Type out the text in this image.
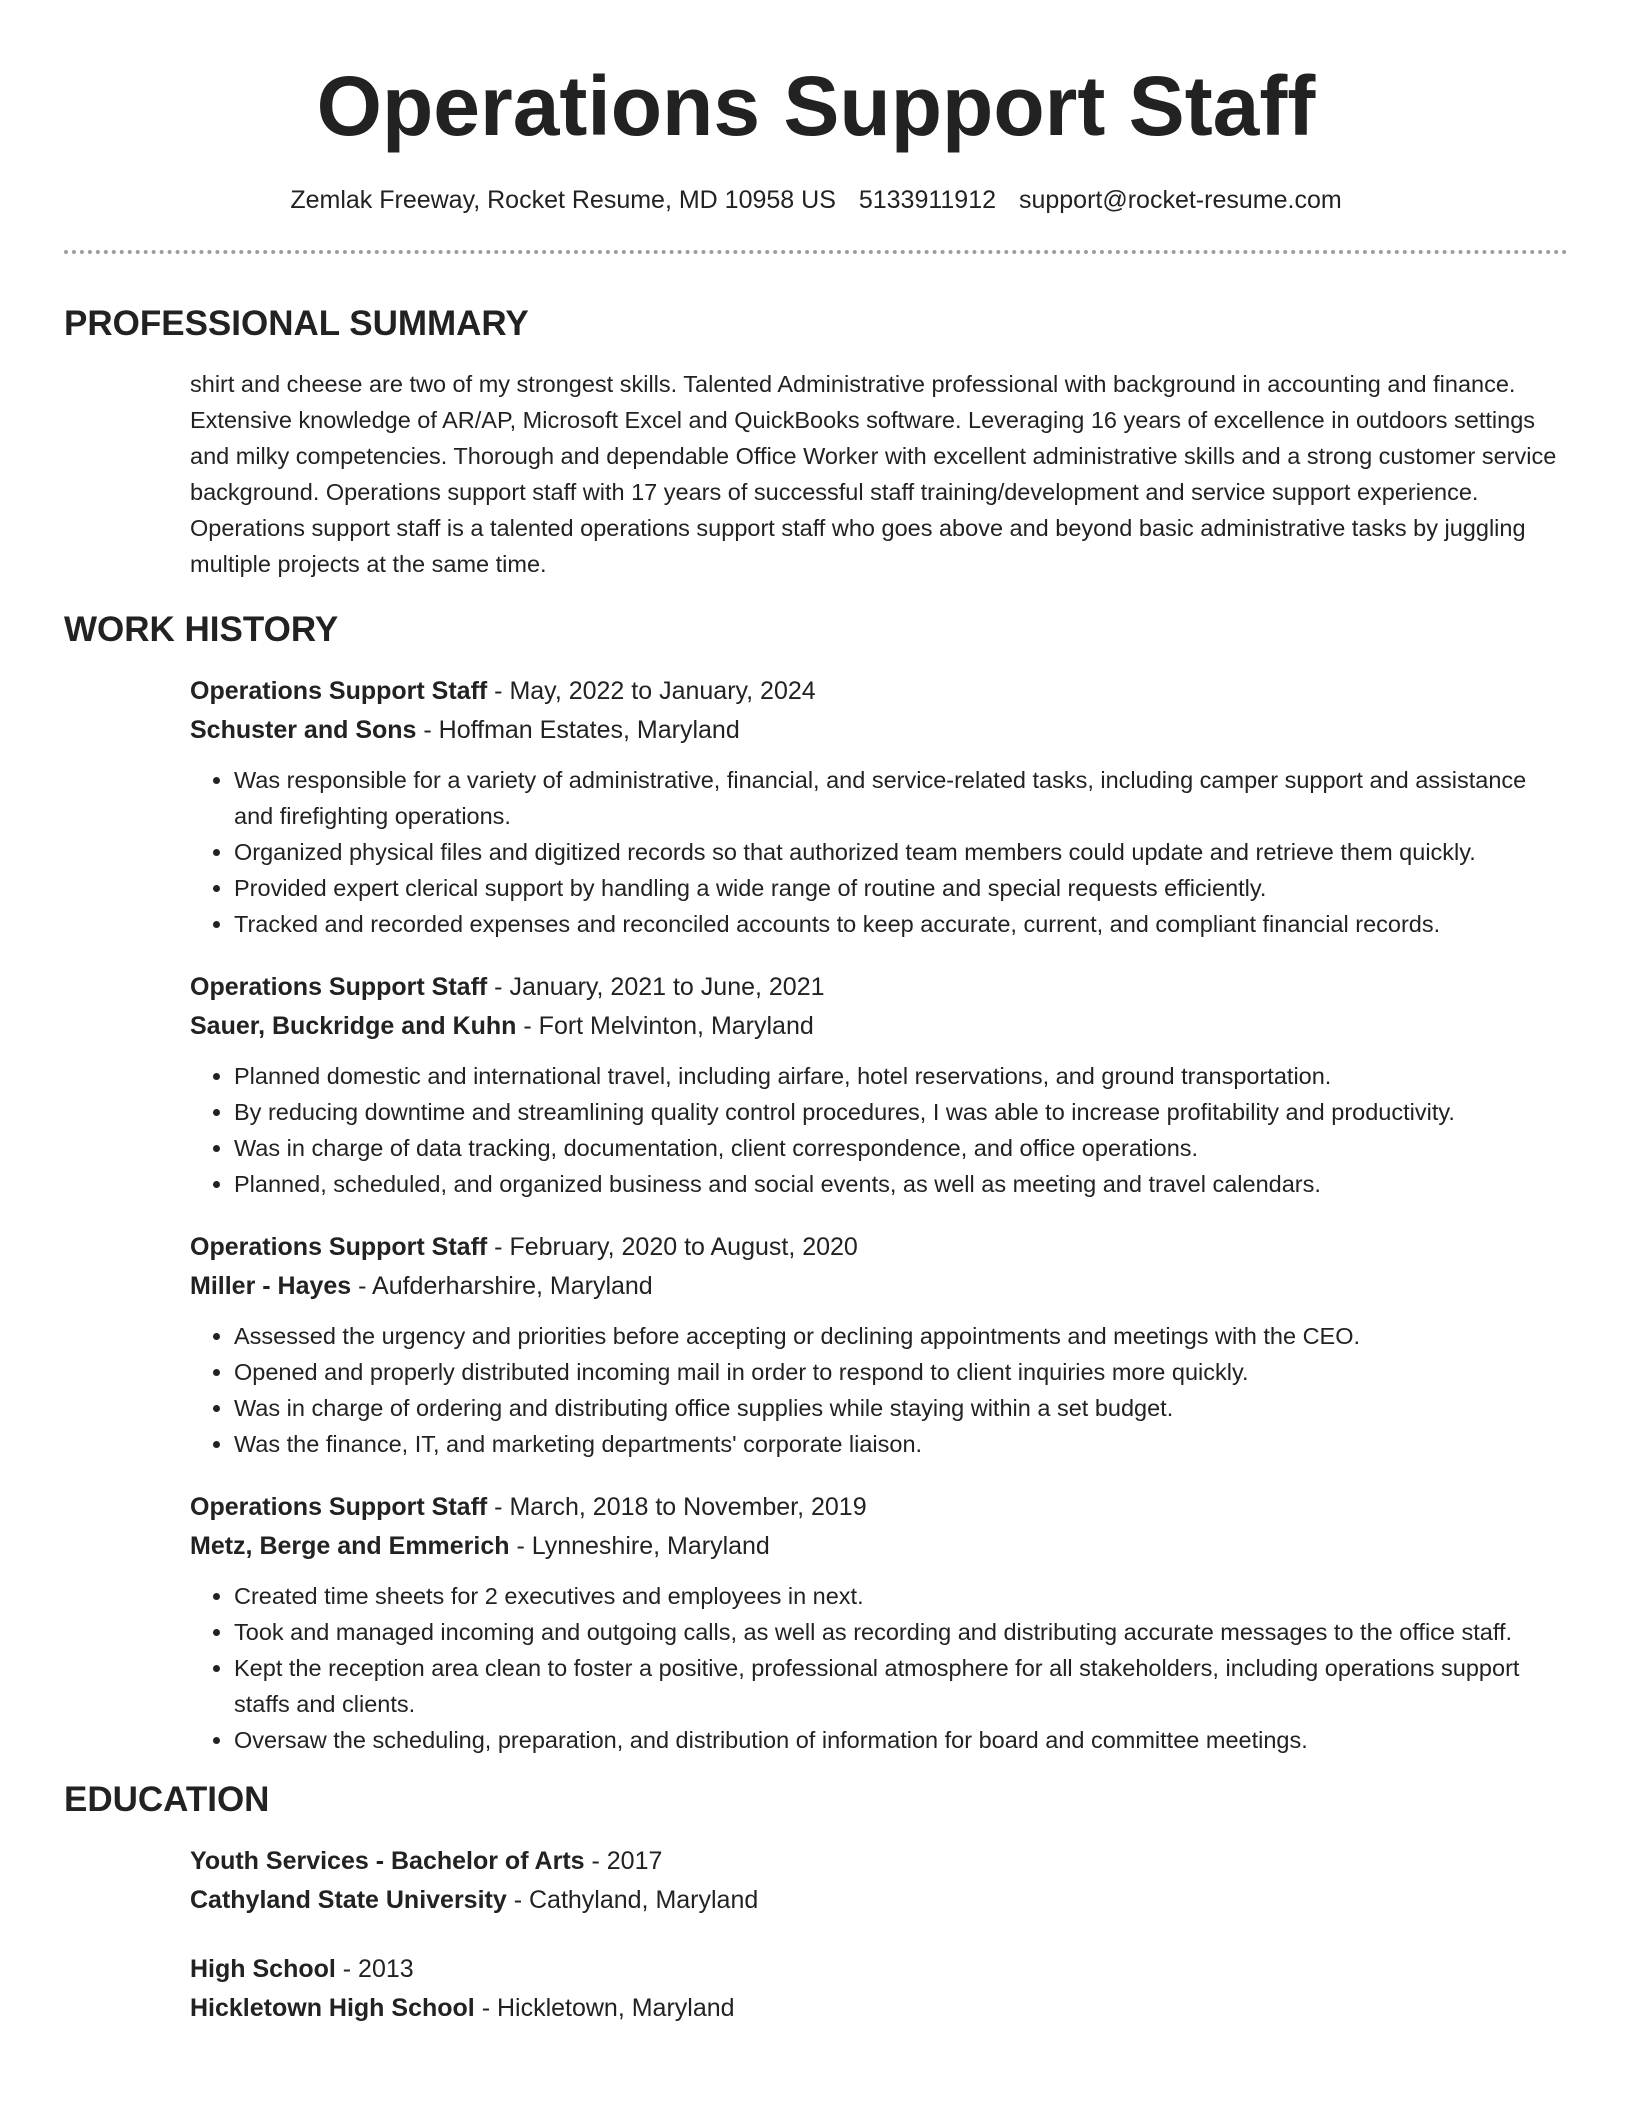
Operations Support Staff
Zemlak Freeway, Rocket Resume, MD 10958 US 5133911912 support@rocket-resume.com
PROFESSIONAL SUMMARY
shirt and cheese are two of my strongest skills. Talented Administrative professional with background in accounting and finance. Extensive knowledge of AR/AP, Microsoft Excel and QuickBooks software. Leveraging 16 years of excellence in outdoors settings and milky competencies. Thorough and dependable Office Worker with excellent administrative skills and a strong customer service background. Operations support staff with 17 years of successful staff training/development and service support experience. Operations support staff is a talented operations support staff who goes above and beyond basic administrative tasks by juggling multiple projects at the same time.
WORK HISTORY
Operations Support Staff - May, 2022 to January, 2024
Schuster and Sons - Hoffman Estates, Maryland
• Was responsible for a variety of administrative, financial, and service-related tasks, including camper support and assistance and firefighting operations.
• Organized physical files and digitized records so that authorized team members could update and retrieve them quickly.
• Provided expert clerical support by handling a wide range of routine and special requests efficiently.
• Tracked and recorded expenses and reconciled accounts to keep accurate, current, and compliant financial records.
Operations Support Staff - January, 2021 to June, 2021
Sauer, Buckridge and Kuhn - Fort Melvinton, Maryland
• Planned domestic and international travel, including airfare, hotel reservations, and ground transportation.
• By reducing downtime and streamlining quality control procedures, I was able to increase profitability and productivity.
• Was in charge of data tracking, documentation, client correspondence, and office operations.
• Planned, scheduled, and organized business and social events, as well as meeting and travel calendars.
Operations Support Staff - February, 2020 to August, 2020
Miller - Hayes - Aufderharshire, Maryland
• Assessed the urgency and priorities before accepting or declining appointments and meetings with the CEO.
• Opened and properly distributed incoming mail in order to respond to client inquiries more quickly.
• Was in charge of ordering and distributing office supplies while staying within a set budget.
• Was the finance, IT, and marketing departments' corporate liaison.
Operations Support Staff - March, 2018 to November, 2019
Metz, Berge and Emmerich - Lynneshire, Maryland
• Created time sheets for 2 executives and employees in next.
• Took and managed incoming and outgoing calls, as well as recording and distributing accurate messages to the office staff.
• Kept the reception area clean to foster a positive, professional atmosphere for all stakeholders, including operations support staffs and clients.
• Oversaw the scheduling, preparation, and distribution of information for board and committee meetings.
EDUCATION
Youth Services - Bachelor of Arts - 2017
Cathyland State University - Cathyland, Maryland
High School - 2013
Hickletown High School - Hickletown, Maryland
